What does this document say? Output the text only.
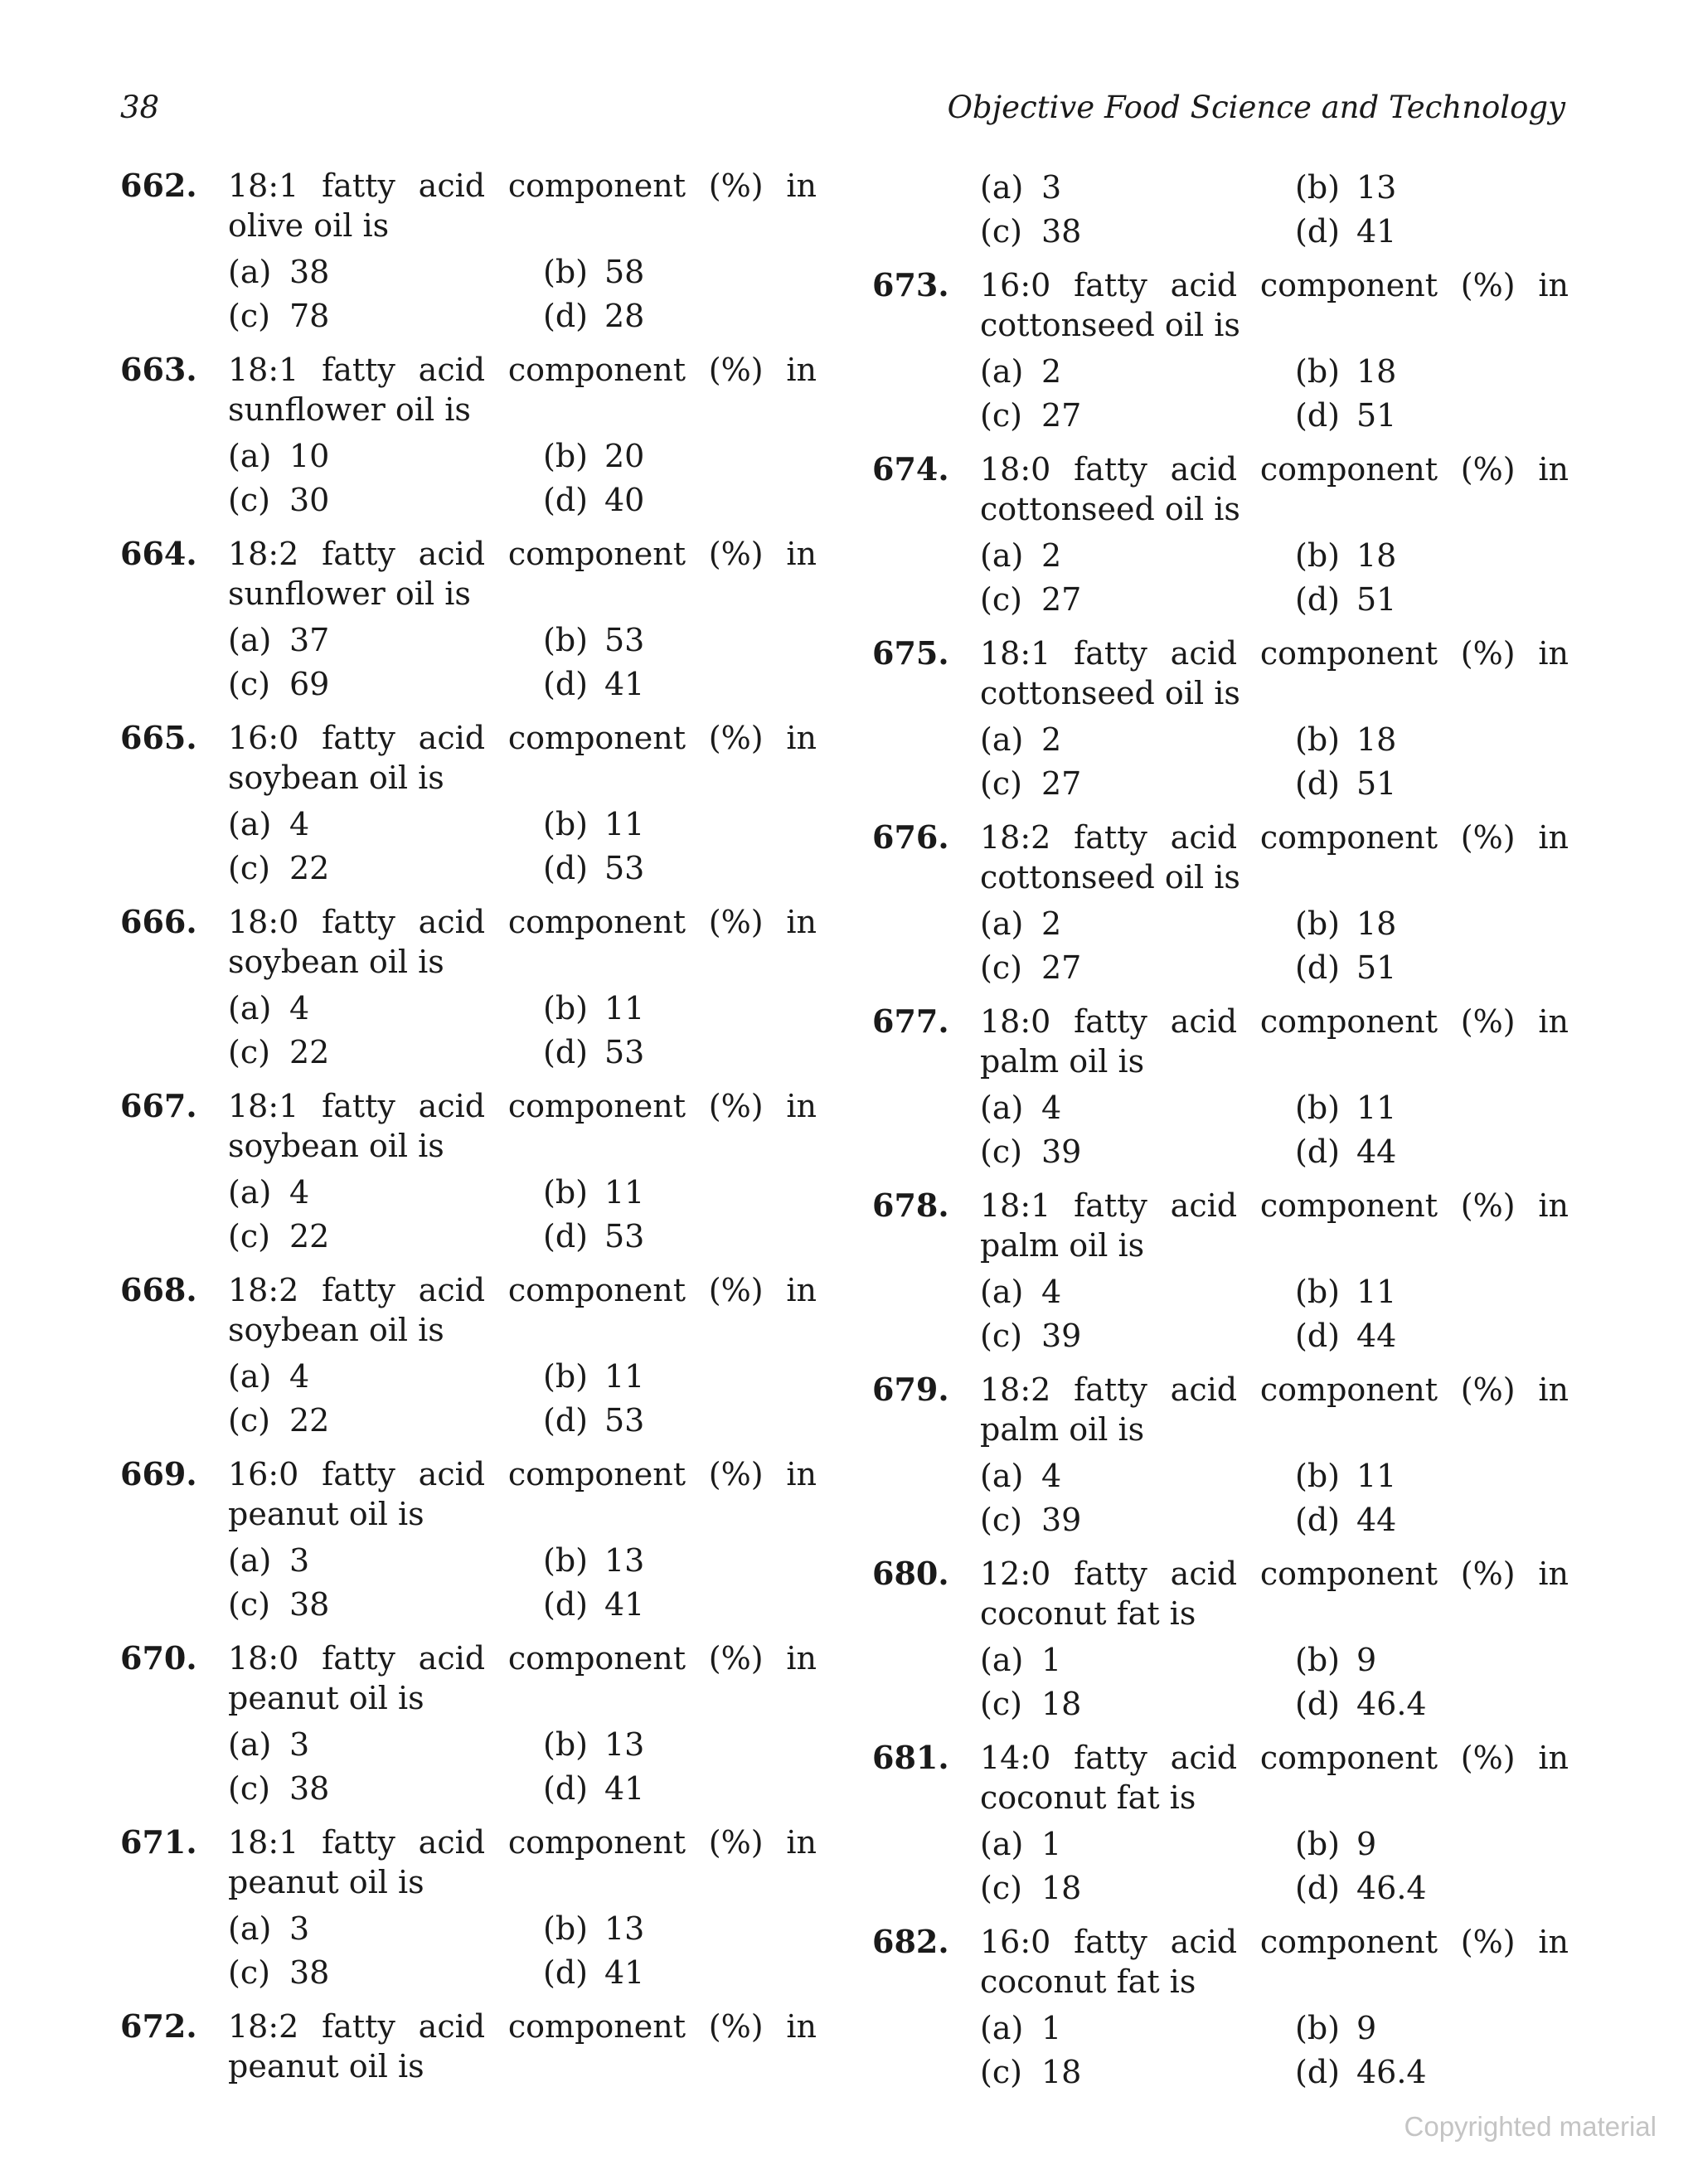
38	Objective Food Science and Technology
662. 18:1 fatty acid component (%) in olive oil is
(a) 38	(b) 58
(c) 78	(d) 28
663. 18:1 fatty acid component (%) in sunflower oil is
(a) 10	(b) 20
(c) 30	(d) 40
664. 18:2 fatty acid component (%) in sunflower oil is
(a) 37	(b) 53
(c) 69	(d) 41
665. 16:0 fatty acid component (%) in soybean oil is
(a) 4	(b) 11
(c) 22	(d) 53
666. 18:0 fatty acid component (%) in soybean oil is
(a) 4	(b) 11
(c) 22	(d) 53
667. 18:1 fatty acid component (%) in soybean oil is
(a) 4	(b) 11
(c) 22	(d) 53
668. 18:2 fatty acid component (%) in soybean oil is
(a) 4	(b) 11
(c) 22	(d) 53
669. 16:0 fatty acid component (%) in peanut oil is
(a) 3	(b) 13
(c) 38	(d) 41
670. 18:0 fatty acid component (%) in peanut oil is
(a) 3	(b) 13
(c) 38	(d) 41
671. 18:1 fatty acid component (%) in peanut oil is
(a) 3	(b) 13
(c) 38	(d) 41
672. 18:2 fatty acid component (%) in peanut oil is
(a) 3	(b) 13
(c) 38	(d) 41
673. 16:0 fatty acid component (%) in cottonseed oil is
(a) 2	(b) 18
(c) 27	(d) 51
674. 18:0 fatty acid component (%) in cottonseed oil is
(a) 2	(b) 18
(c) 27	(d) 51
675. 18:1 fatty acid component (%) in cottonseed oil is
(a) 2	(b) 18
(c) 27	(d) 51
676. 18:2 fatty acid component (%) in cottonseed oil is
(a) 2	(b) 18
(c) 27	(d) 51
677. 18:0 fatty acid component (%) in palm oil is
(a) 4	(b) 11
(c) 39	(d) 44
678. 18:1 fatty acid component (%) in palm oil is
(a) 4	(b) 11
(c) 39	(d) 44
679. 18:2 fatty acid component (%) in palm oil is
(a) 4	(b) 11
(c) 39	(d) 44
680. 12:0 fatty acid component (%) in coconut fat is
(a) 1	(b) 9
(c) 18	(d) 46.4
681. 14:0 fatty acid component (%) in coconut fat is
(a) 1	(b) 9
(c) 18	(d) 46.4
682. 16:0 fatty acid component (%) in coconut fat is
(a) 1	(b) 9
(c) 18	(d) 46.4
Copyrighted material
